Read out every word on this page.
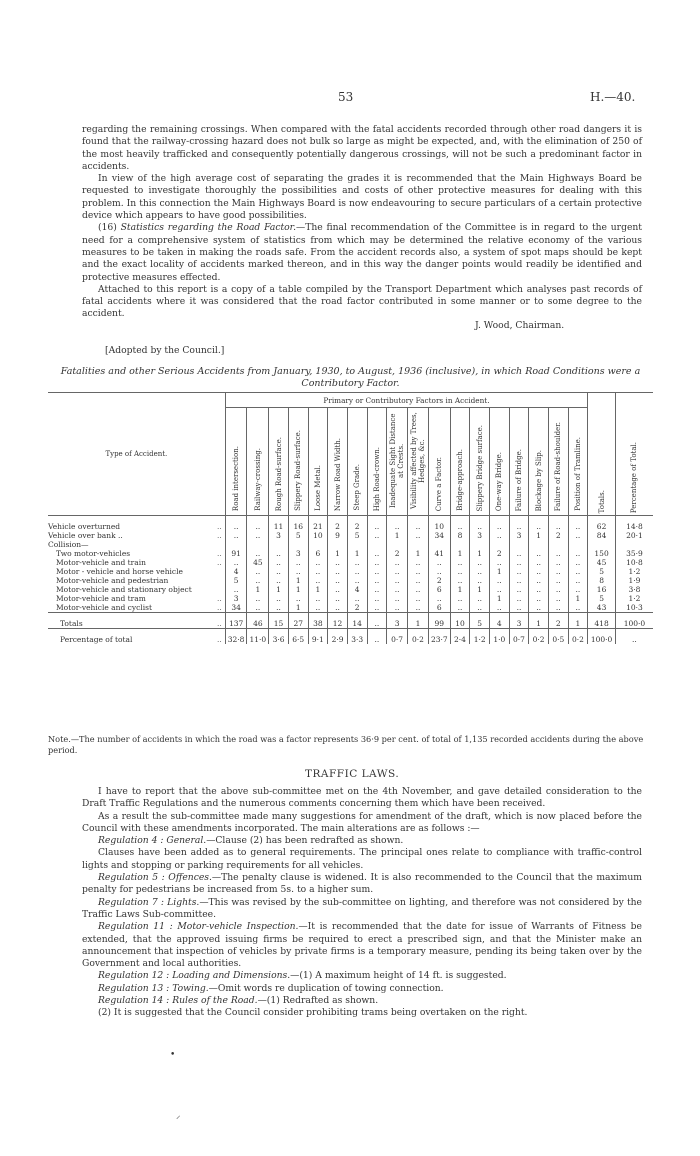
53	H.—40.

regarding the remaining crossings. When compared with the fatal accidents recorded through other road dangers it is found that the railway-crossing hazard does not bulk so large as might be expected, and, with the elimination of 250 of the most heavily trafficked and consequently potentially dangerous crossings, will not be such a predominant factor in accidents.

In view of the high average cost of separating the grades it is recommended that the Main Highways Board be requested to investigate thoroughly the possibilities and costs of other protective measures for dealing with this problem. In this connection the Main Highways Board is now endeavouring to secure particulars of a certain protective device which appears to have good possibilities.

(16) Statistics regarding the Road Factor.—The final recommendation of the Committee is in regard to the urgent need for a comprehensive system of statistics from which may be determined the relative economy of the various measures to be taken in making the roads safe. From the accident records also, a system of spot maps should be kept and the exact locality of accidents marked thereon, and in this way the danger points would readily be identified and protective measures effected.

Attached to this report is a copy of a table compiled by the Transport Department which analyses past records of fatal accidents where it was considered that the road factor contributed in some manner or to some degree to the accident.

J. Wood, Chairman.
[Adopted by the Council.]
Fatalities and other Serious Accidents from January, 1930, to August, 1936 (inclusive), in which Road Conditions were a Contributory Factor.
Type of Accident.	Primary or Contributory Factors in Accident.																		Totals.	Percentage of Total.
	Road intersection.	Railway-crossing.	Rough Road-surface.	Slippery Road-surface.	Loose Metal.	Narrow Road Width.	Steep Grade.	High Road-crown.	Inadequate Sight Distance at Crests.	Visibility affected by Trees, Hedges, &c.	Curve a Factor.	Bridge-approach.	Slippery Bridge surface.	One-way Bridge.	Failure of Bridge.	Blockage by Slip.	Failure of Road-shoulder.	Position of Tramline.		
Vehicle overturned ..	..	..	11	16	21	2	2	..	..	..	10	..	..	..	..	..	..	..	62	14·8
Vehicle over bank .. ..	..	..	3	5	10	9	5	..	1	..	34	8	3	..	3	1	2	..	84	20·1
Collision—																				
Two motor-vehicles ..	91	..	..	3	6	1	1	..	2	1	41	1	1	2	..	..	..	..	150	35·9
Motor-vehicle and train ..	..	45	..	..	..	..	..	..	..	..	..	..	..	..	..	..	..	..	45	10·8
Motor - vehicle and horse vehicle	4	..	..	..	..	..	..	..	..	..	..	..	..	1	..	..	..	..	5	1·2
Motor-vehicle and pedestrian	5	..	..	1	..	..	..	..	..	..	2	..	..	..	..	..	..	..	8	1·9
Motor-vehicle and stationary object	..	1	1	1	1	..	4	..	..	..	6	1	1	..	..	..	..	..	16	3·8
Motor-vehicle and tram ..	3	..	..	..	..	..	..	..	..	..	..	..	..	1	..	..	..	1	5	1·2
Motor-vehicle and cyclist ..	34	..	..	1	..	..	2	..	..	..	6	..	..	..	..	..	..	..	43	10·3
Totals ..	137	46	15	27	38	12	14	..	3	1	99	10	5	4	3	1	2	1	418	100·0
Percentage of total ..	32·8	11·0	3·6	6·5	9·1	2·9	3·3	..	0·7	0·2	23·7	2·4	1·2	1·0	0·7	0·2	0·5	0·2	100·0	..
Note.—The number of accidents in which the road was a factor represents 36·9 per cent. of total of 1,135 recorded accidents during the above period.
TRAFFIC LAWS.

I have to report that the above sub-committee met on the 4th November, and gave detailed consideration to the Draft Traffic Regulations and the numerous comments concerning them which have been received.

As a result the sub-committee made many suggestions for amendment of the draft, which is now placed before the Council with these amendments incorporated. The main alterations are as follows :—

Regulation 4 : General.—Clause (2) has been redrafted as shown.

Clauses have been added as to general requirements. The principal ones relate to compliance with traffic-control lights and stopping or parking requirements for all vehicles.

Regulation 5 : Offences.—The penalty clause is widened. It is also recommended to the Council that the maximum penalty for pedestrians be increased from 5s. to a higher sum.

Regulation 7 : Lights.—This was revised by the sub-committee on lighting, and therefore was not considered by the Traffic Laws Sub-committee.

Regulation 11 : Motor-vehicle Inspection.—It is recommended that the date for issue of Warrants of Fitness be extended, that the approved issuing firms be required to erect a prescribed sign, and that the Minister make an announcement that inspection of vehicles by private firms is a temporary measure, pending its being taken over by the Government and local authorities.

Regulation 12 : Loading and Dimensions.—(1) A maximum height of 14 ft. is suggested.

Regulation 13 : Towing.—Omit words re duplication of towing connection.

Regulation 14 : Rules of the Road.—(1) Redrafted as shown.

(2) It is suggested that the Council consider prohibiting trams being overtaken on the right.

•
⸍
